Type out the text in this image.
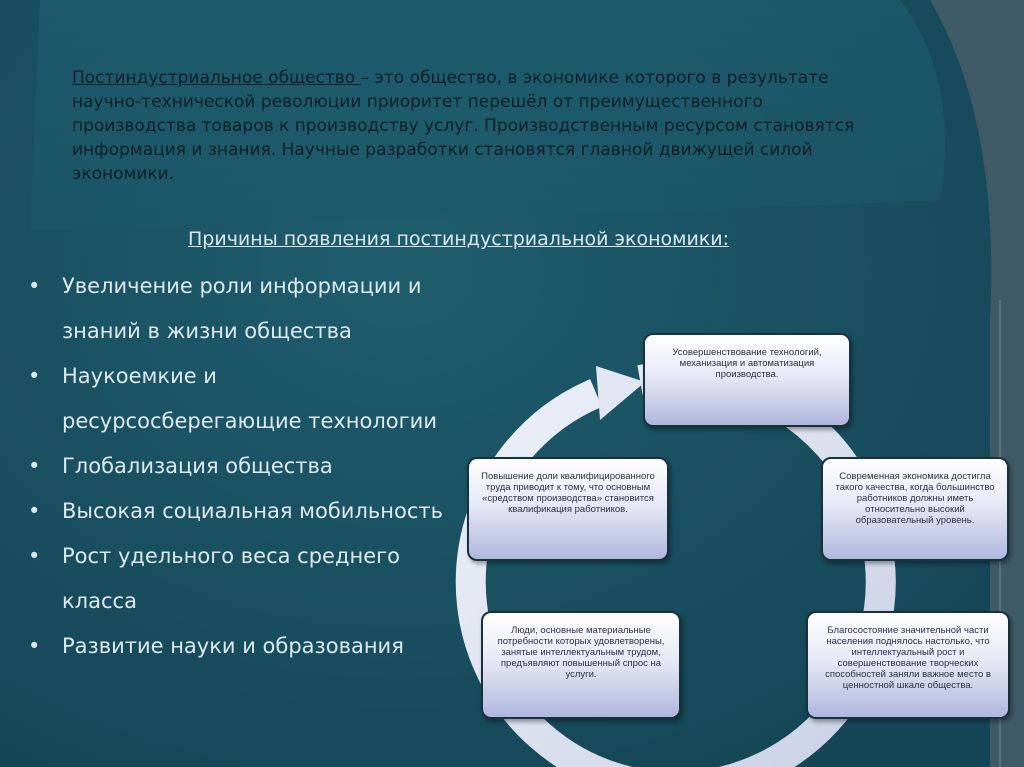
Постиндустриальное общество – это общество, в экономике которого в результате научно-технической революции приоритет перешёл от преимущественного производства товаров к производству услуг. Производственным ресурсом становятся информация и знания. Научные разработки становятся главной движущей силой экономики.
Причины появления постиндустриальной экономики:
• Увеличение роли информации и знаний в жизни общества
• Наукоемкие и ресурсосберегающие технологии
• Глобализация общества
• Высокая социальная мобильность
• Рост удельного веса среднего класса
• Развитие науки и образования
Усовершенствование технологий, механизация и автоматизация производства.
Современная экономика достигла такого качества, когда большинство работников должны иметь относительно высокий образовательный уровень.
Благосостояние значительной части населения поднялось настолько, что интеллектуальный рост и совершенствование творческих способностей заняли важное место в ценностной шкале общества.
Люди, основные материальные потребности которых удовлетворены, занятые интеллектуальным трудом, предъявляют повышенный спрос на услуги.
Повышение доли квалифицированного труда приводит к тому, что основным «средством производства» становится квалификация работников.
